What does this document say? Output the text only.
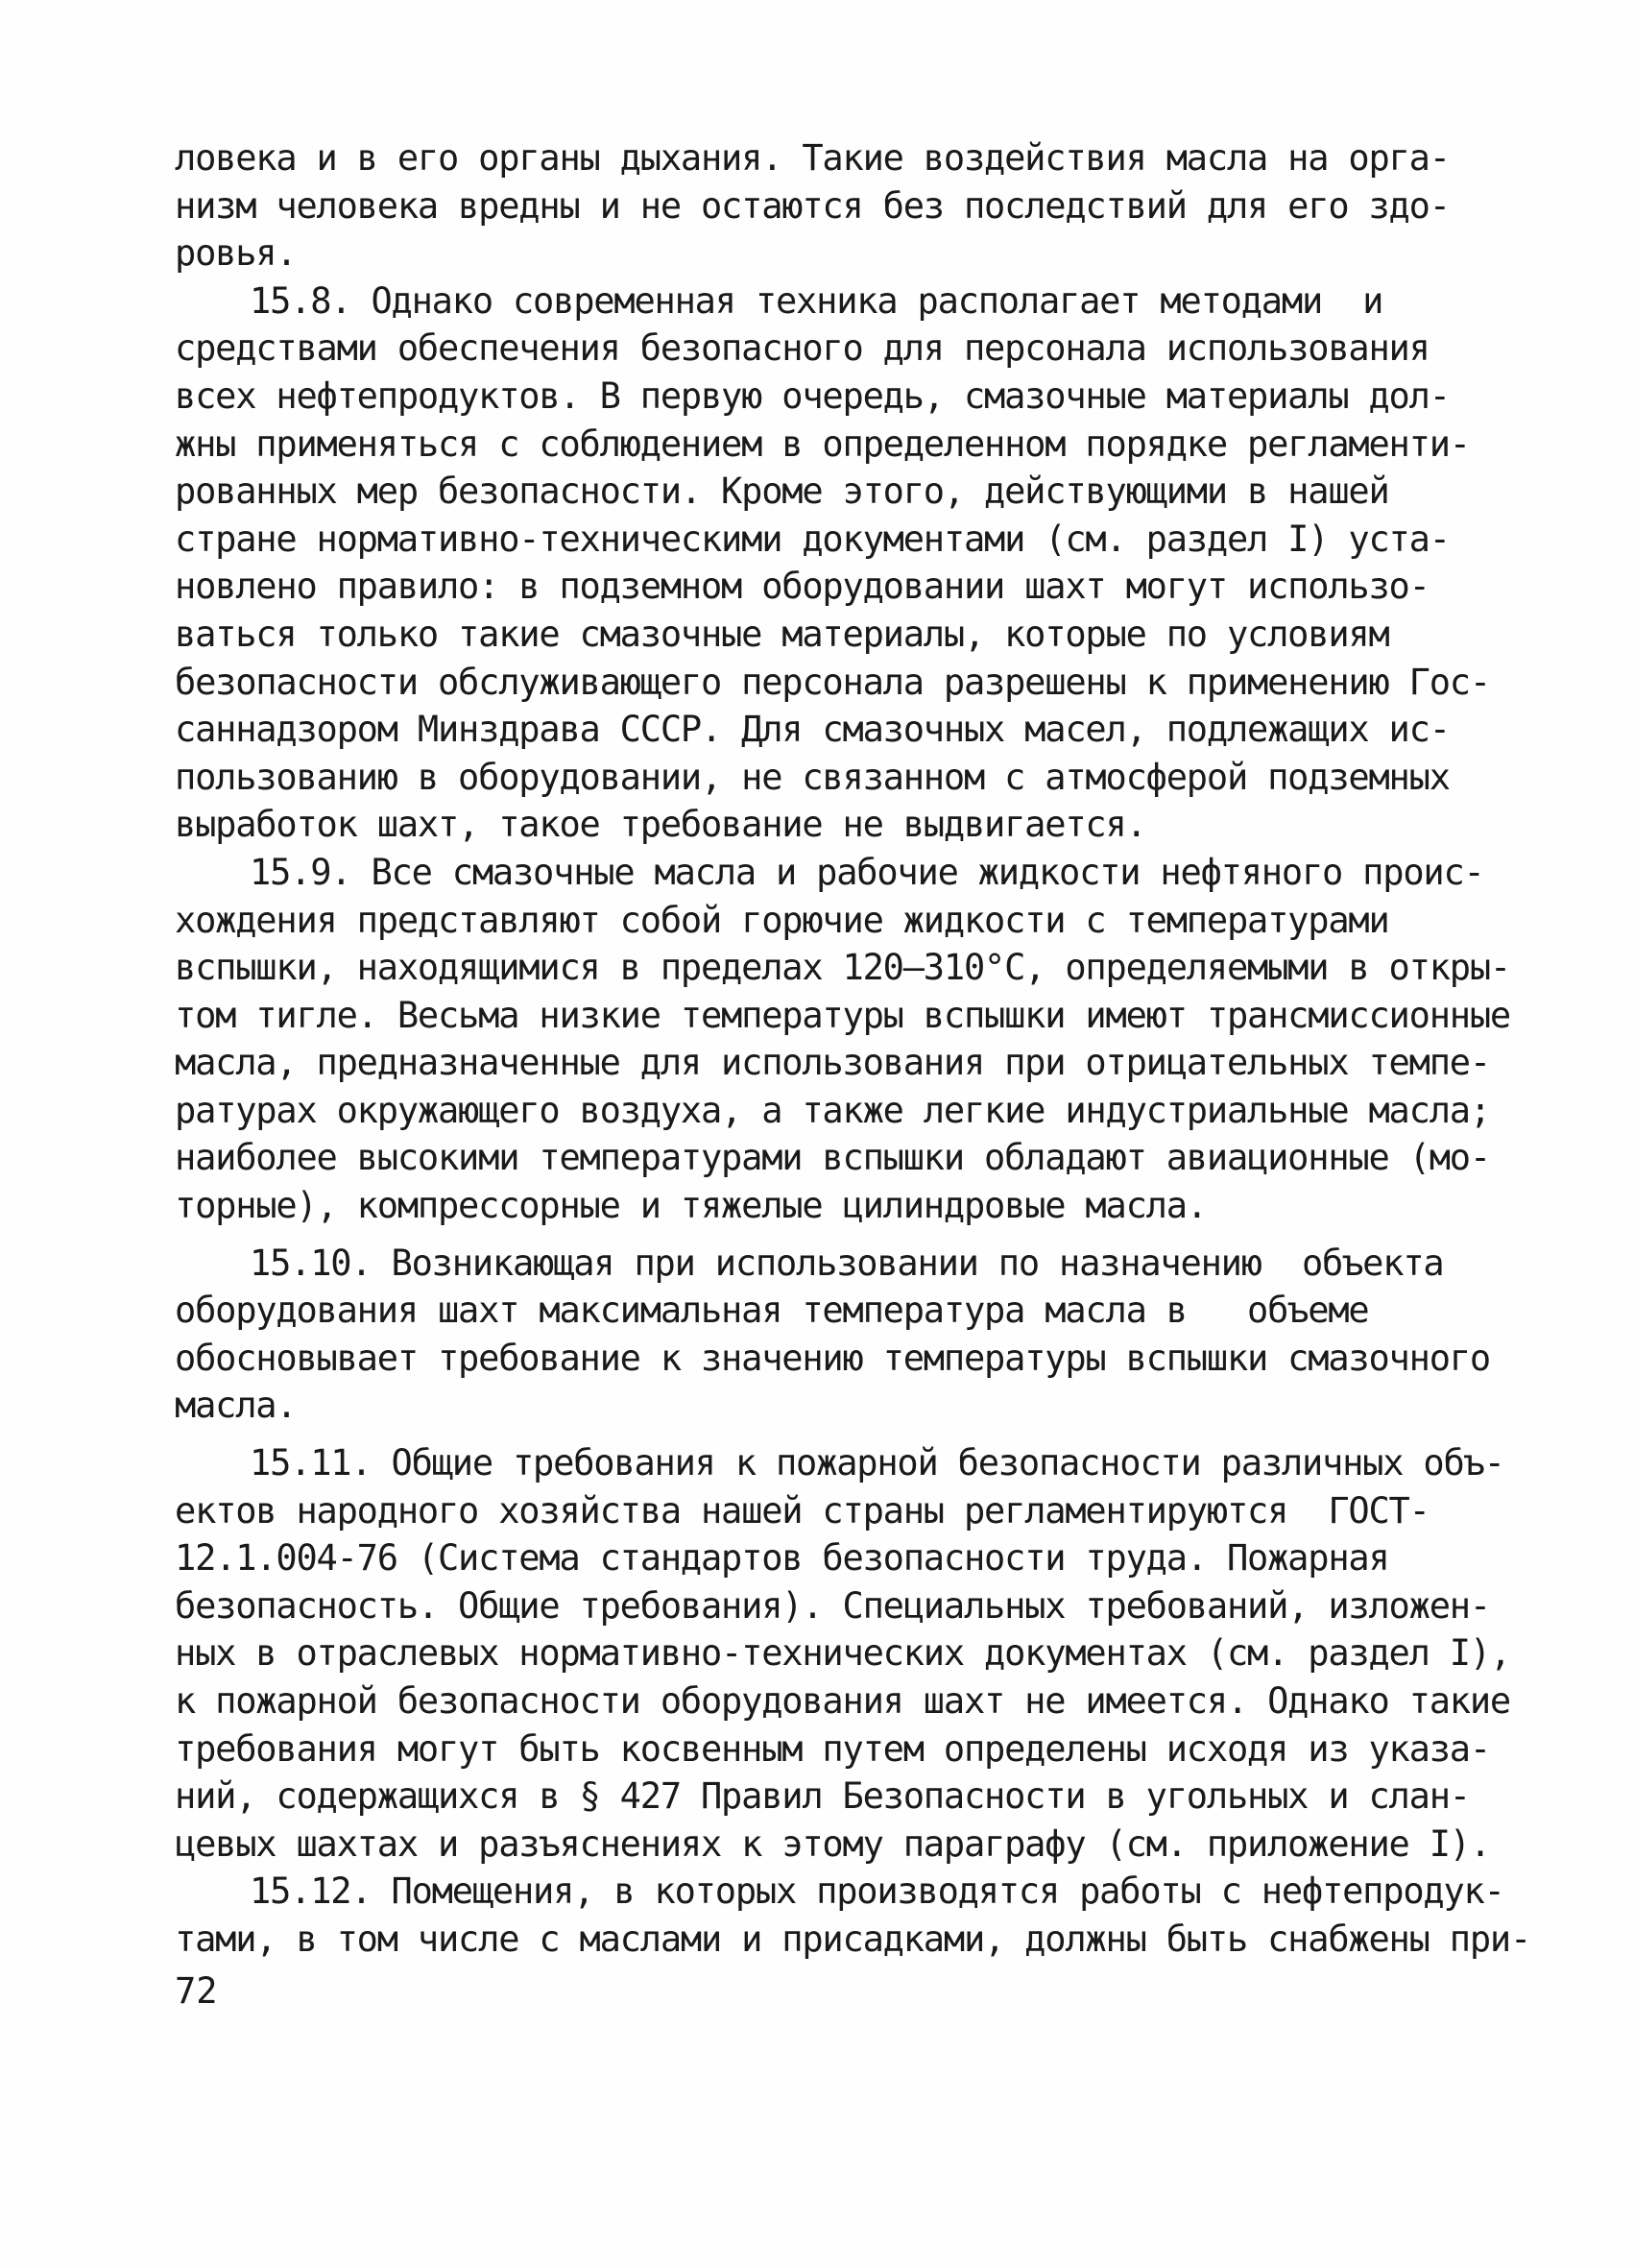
ловека и в его органы дыхания. Такие воздействия масла на орга-
низм человека вредны и не остаются без последствий для его здо-
ровья.
15.8. Однако современная техника располагает методами  и
средствами обеспечения безопасного для персонала использования
всех нефтепродуктов. В первую очередь, смазочные материалы дол-
жны применяться с соблюдением в определенном порядке регламенти-
рованных мер безопасности. Кроме этого, действующими в нашей
стране нормативно-техническими документами (см. раздел I) уста-
новлено правило: в подземном оборудовании шахт могут использо-
ваться только такие смазочные материалы, которые по условиям
безопасности обслуживающего персонала разрешены к применению Гос-
саннадзором Минздрава СССР. Для смазочных масел, подлежащих ис-
пользованию в оборудовании, не связанном с атмосферой подземных
выработок шахт, такое требование не выдвигается.
15.9. Все смазочные масла и рабочие жидкости нефтяного проис-
хождения представляют собой горючие жидкости с температурами
вспышки, находящимися в пределах 120–310°С, определяемыми в откры-
том тигле. Весьма низкие температуры вспышки имеют трансмиссионные
масла, предназначенные для использования при отрицательных темпе-
ратурах окружающего воздуха, а также легкие индустриальные масла;
наиболее высокими температурами вспышки обладают авиационные (мо-
торные), компрессорные и тяжелые цилиндровые масла.
15.10. Возникающая при использовании по назначению  объекта
оборудования шахт максимальная температура масла в   объеме
обосновывает требование к значению температуры вспышки смазочного
масла.
15.11. Общие требования к пожарной безопасности различных объ-
ектов народного хозяйства нашей страны регламентируются  ГОСТ-
12.1.004-76 (Система стандартов безопасности труда. Пожарная
безопасность. Общие требования). Специальных требований, изложен-
ных в отраслевых нормативно-технических документах (см. раздел I),
к пожарной безопасности оборудования шахт не имеется. Однако такие
требования могут быть косвенным путем определены исходя из указа-
ний, содержащихся в § 427 Правил Безопасности в угольных и слан-
цевых шахтах и разъяснениях к этому параграфу (см. приложение I).
15.12. Помещения, в которых производятся работы с нефтепродук-
тами, в том числе с маслами и присадками, должны быть снабжены при-
72
